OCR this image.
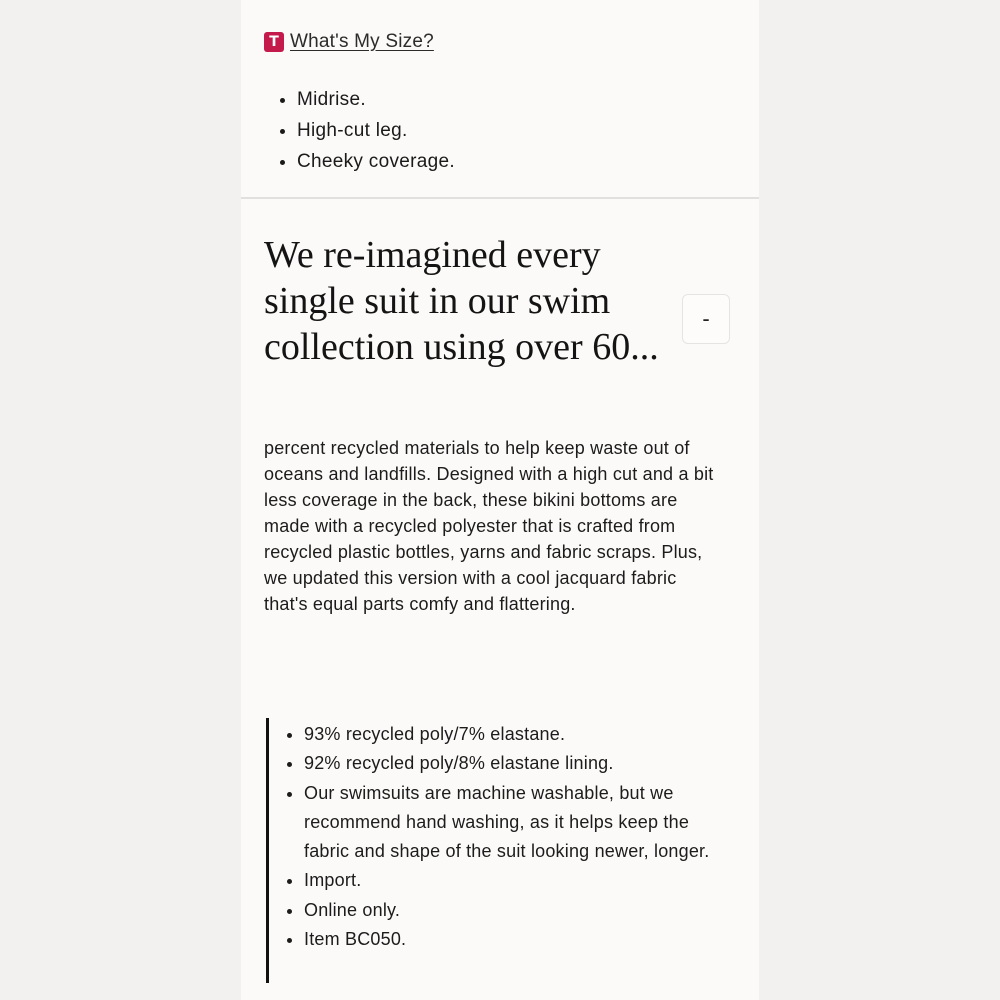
T What's My Size?
• Midrise.
• High-cut leg.
• Cheeky coverage.
We re-imagined every single suit in our swim collection using over 60...
-

percent recycled materials to help keep waste out of oceans and landfills. Designed with a high cut and a bit less coverage in the back, these bikini bottoms are made with a recycled polyester that is crafted from recycled plastic bottles, yarns and fabric scraps. Plus, we updated this version with a cool jacquard fabric that's equal parts comfy and flattering.

• 93% recycled poly/7% elastane.
• 92% recycled poly/8% elastane lining.
• Our swimsuits are machine washable, but we recommend hand washing, as it helps keep the fabric and shape of the suit looking newer, longer.
• Import.
• Online only.
• Item BC050.
